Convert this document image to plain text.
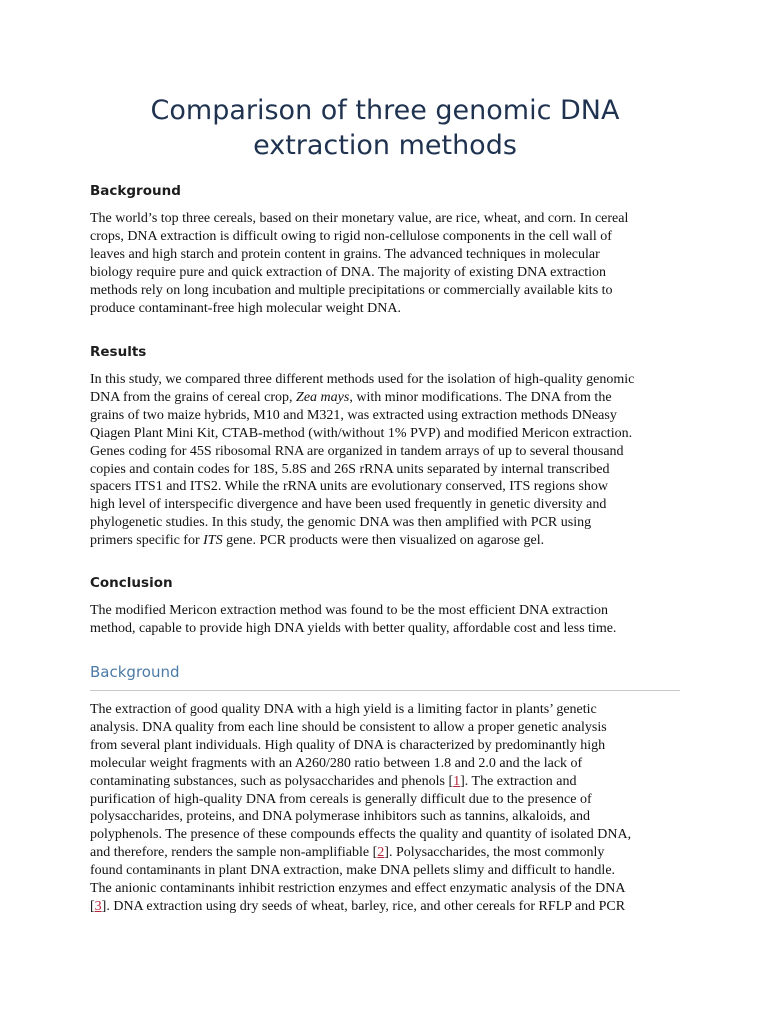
Comparison of three genomic DNA extraction methods
Background
The world’s top three cereals, based on their monetary value, are rice, wheat, and corn. In cereal
crops, DNA extraction is difficult owing to rigid non-cellulose components in the cell wall of
leaves and high starch and protein content in grains. The advanced techniques in molecular
biology require pure and quick extraction of DNA. The majority of existing DNA extraction
methods rely on long incubation and multiple precipitations or commercially available kits to
produce contaminant-free high molecular weight DNA.
Results
In this study, we compared three different methods used for the isolation of high-quality genomic
DNA from the grains of cereal crop, Zea mays, with minor modifications. The DNA from the
grains of two maize hybrids, M10 and M321, was extracted using extraction methods DNeasy
Qiagen Plant Mini Kit, CTAB-method (with/without 1% PVP) and modified Mericon extraction.
Genes coding for 45S ribosomal RNA are organized in tandem arrays of up to several thousand
copies and contain codes for 18S, 5.8S and 26S rRNA units separated by internal transcribed
spacers ITS1 and ITS2. While the rRNA units are evolutionary conserved, ITS regions show
high level of interspecific divergence and have been used frequently in genetic diversity and
phylogenetic studies. In this study, the genomic DNA was then amplified with PCR using
primers specific for ITS gene. PCR products were then visualized on agarose gel.
Conclusion
The modified Mericon extraction method was found to be the most efficient DNA extraction
method, capable to provide high DNA yields with better quality, affordable cost and less time.
Background
The extraction of good quality DNA with a high yield is a limiting factor in plants’ genetic
analysis. DNA quality from each line should be consistent to allow a proper genetic analysis
from several plant individuals. High quality of DNA is characterized by predominantly high
molecular weight fragments with an A260/280 ratio between 1.8 and 2.0 and the lack of
contaminating substances, such as polysaccharides and phenols [1]. The extraction and
purification of high-quality DNA from cereals is generally difficult due to the presence of
polysaccharides, proteins, and DNA polymerase inhibitors such as tannins, alkaloids, and
polyphenols. The presence of these compounds effects the quality and quantity of isolated DNA,
and therefore, renders the sample non-amplifiable [2]. Polysaccharides, the most commonly
found contaminants in plant DNA extraction, make DNA pellets slimy and difficult to handle.
The anionic contaminants inhibit restriction enzymes and effect enzymatic analysis of the DNA
[3]. DNA extraction using dry seeds of wheat, barley, rice, and other cereals for RFLP and PCR
